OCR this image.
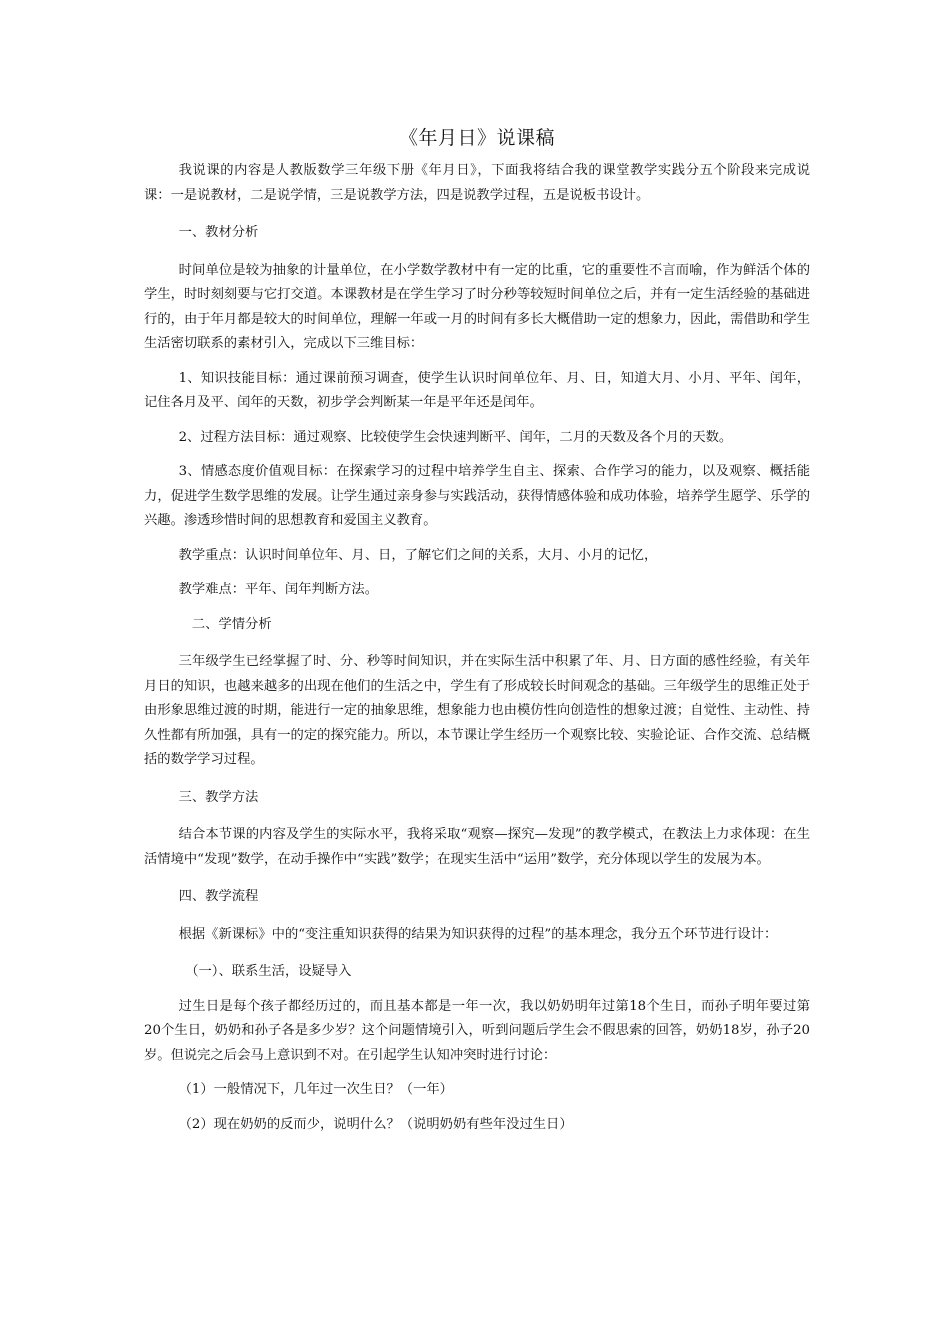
《年月日》说课稿

我说课的内容是人教版数学三年级下册《年月日》，下面我将结合我的课堂教学实践分五个阶段来完成说课：一是说教材，二是说学情，三是说教学方法，四是说教学过程，五是说板书设计。

一、教材分析

时间单位是较为抽象的计量单位，在小学数学教材中有一定的比重，它的重要性不言而喻，作为鲜活个体的学生，时时刻刻要与它打交道。本课教材是在学生学习了时分秒等较短时间单位之后，并有一定生活经验的基础进行的，由于年月都是较大的时间单位，理解一年或一月的时间有多长大概借助一定的想象力，因此，需借助和学生生活密切联系的素材引入，完成以下三维目标：

1、知识技能目标：通过课前预习调查，使学生认识时间单位年、月、日，知道大月、小月、平年、闰年，记住各月及平、闰年的天数，初步学会判断某一年是平年还是闰年。

2、过程方法目标：通过观察、比较使学生会快速判断平、闰年，二月的天数及各个月的天数。

3、情感态度价值观目标：在探索学习的过程中培养学生自主、探索、合作学习的能力，以及观察、概括能力，促进学生数学思维的发展。让学生通过亲身参与实践活动，获得情感体验和成功体验，培养学生愿学、乐学的兴趣。渗透珍惜时间的思想教育和爱国主义教育。

教学重点：认识时间单位年、月、日，了解它们之间的关系，大月、小月的记忆，

教学难点：平年、闰年判断方法。

二、学情分析

三年级学生已经掌握了时、分、秒等时间知识，并在实际生活中积累了年、月、日方面的感性经验，有关年月日的知识，也越来越多的出现在他们的生活之中，学生有了形成较长时间观念的基础。三年级学生的思维正处于由形象思维过渡的时期，能进行一定的抽象思维，想象能力也由模仿性向创造性的想象过渡；自觉性、主动性、持久性都有所加强，具有一的定的探究能力。所以，本节课让学生经历一个观察比较、实验论证、合作交流、总结概括的数学学习过程。

三、教学方法

结合本节课的内容及学生的实际水平，我将采取“观察—探究—发现”的教学模式，在教法上力求体现：在生活情境中“发现”数学，在动手操作中“实践”数学；在现实生活中“运用”数学，充分体现以学生的发展为本。

四、教学流程

根据《新课标》中的“变注重知识获得的结果为知识获得的过程”的基本理念，我分五个环节进行设计：

（一）、联系生活，设疑导入

过生日是每个孩子都经历过的，而且基本都是一年一次，我以奶奶明年过第18个生日，而孙子明年要过第20个生日，奶奶和孙子各是多少岁？这个问题情境引入，听到问题后学生会不假思索的回答，奶奶18岁，孙子20岁。但说完之后会马上意识到不对。在引起学生认知冲突时进行讨论：

（1）一般情况下，几年过一次生日？（一年）

（2）现在奶奶的反而少，说明什么？（说明奶奶有些年没过生日）
